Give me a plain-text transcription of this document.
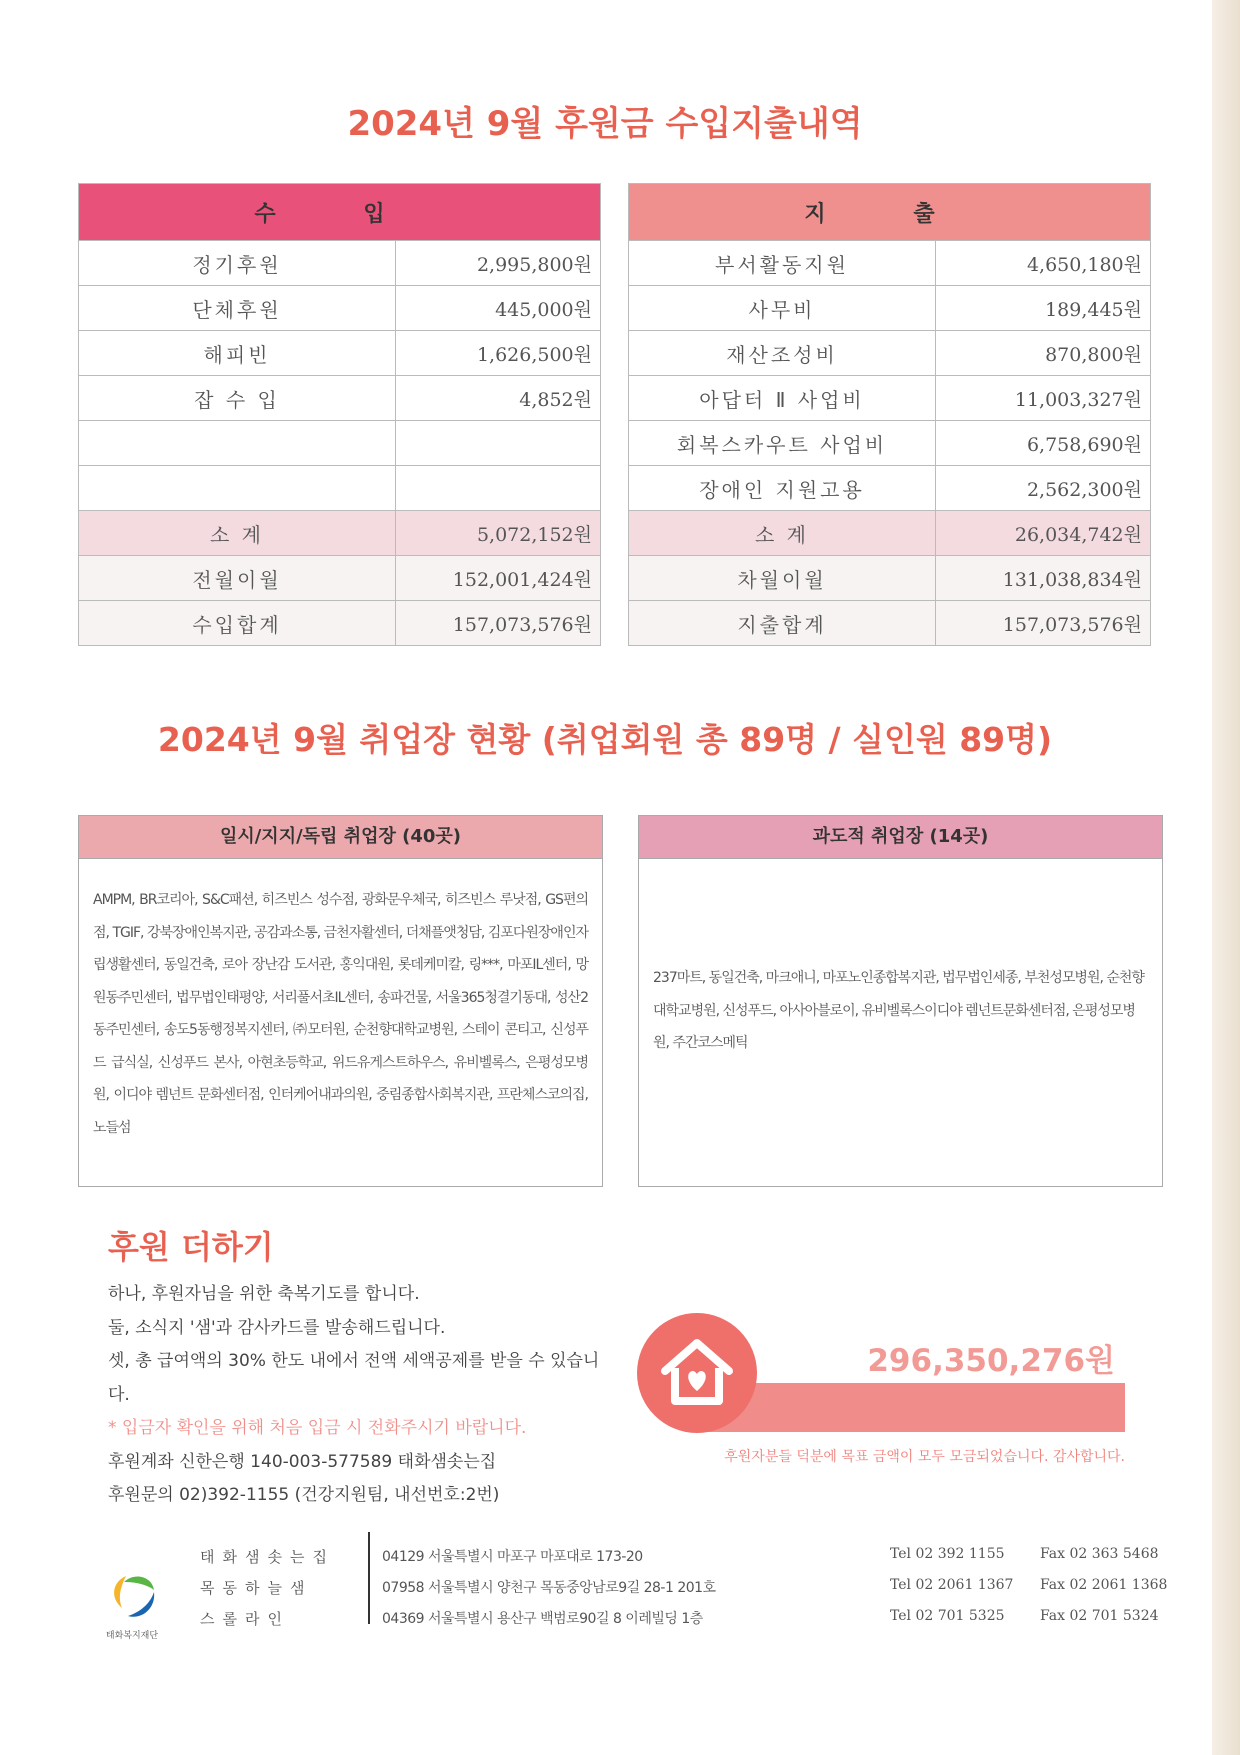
2024년 9월 후원금 수입지출내역
수 입	
정기후원	2,995,800원
단체후원	445,000원
해피빈	1,626,500원
잡 수 입	4,852원

소 계	5,072,152원
전월이월	152,001,424원
수입합계	157,073,576원
지 출	
부서활동지원	4,650,180원
사무비	189,445원
재산조성비	870,800원
아답터 Ⅱ 사업비	11,003,327원
회복스카우트 사업비	6,758,690원
장애인 지원고용	2,562,300원
소 계	26,034,742원
차월이월	131,038,834원
지출합계	157,073,576원
2024년 9월 취업장 현황 (취업회원 총 89명 / 실인원 89명)
일시/지지/독립 취업장 (40곳)
AMPM, BR코리아, S&C패션, 히즈빈스 성수점, 광화문우체국, 히즈빈스 루낫점, GS편의점, TGIF, 강북장애인복지관, 공감과소통, 금천자활센터, 더채플앳청담, 김포다원장애인자립생활센터, 동일건축, 로아 장난감 도서관, 홍익대원, 롯데케미칼, 링***, 마포IL센터, 망원동주민센터, 법무법인태평양, 서리풀서초IL센터, 송파건물, 서울365청결기동대, 성산2동주민센터, 송도5동행정복지센터, ㈜모터원, 순천향대학교병원, 스테이 콘티고, 신성푸드 급식실, 신성푸드 본사, 아현초등학교, 위드유게스트하우스, 유비벨록스, 은평성모병원, 이디야 렘넌트 문화센터점, 인터케어내과의원, 중림종합사회복지관, 프란체스코의집, 노들섬
과도적 취업장 (14곳)
237마트, 동일건축, 마크애니, 마포노인종합복지관, 법무법인세종, 부천성모병원, 순천향대학교병원, 신성푸드, 아사아블로이, 유비벨록스이디야 렘넌트문화센터점, 은평성모병원, 주간코스메틱
후원 더하기
하나, 후원자님을 위한 축복기도를 합니다.
둘, 소식지 '샘'과 감사카드를 발송해드립니다.
셋, 총 급여액의 30% 한도 내에서 전액 세액공제를 받을 수 있습니다.
* 입금자 확인을 위해 처음 입금 시 전화주시기 바랍니다.
후원계좌 신한은행 140-003-577589 태화샘솟는집
후원문의 02)392-1155 (건강지원팀, 내선번호:2번)
296,350,276원
후원자분들 덕분에 목표 금액이 모두 모금되었습니다. 감사합니다.
태화복지재단
태화샘솟는집	04129 서울특별시 마포구 마포대로 173-20	Tel 02 392 1155	Fax 02 363 5468
목동하늘샘	07958 서울특별시 양천구 목동중앙남로9길 28-1 201호	Tel 02 2061 1367 Fax 02 2061 1368
스롤라인	04369 서울특별시 용산구 백범로90길 8 이레빌딩 1층	Tel 02 701 5325	Fax 02 701 5324
